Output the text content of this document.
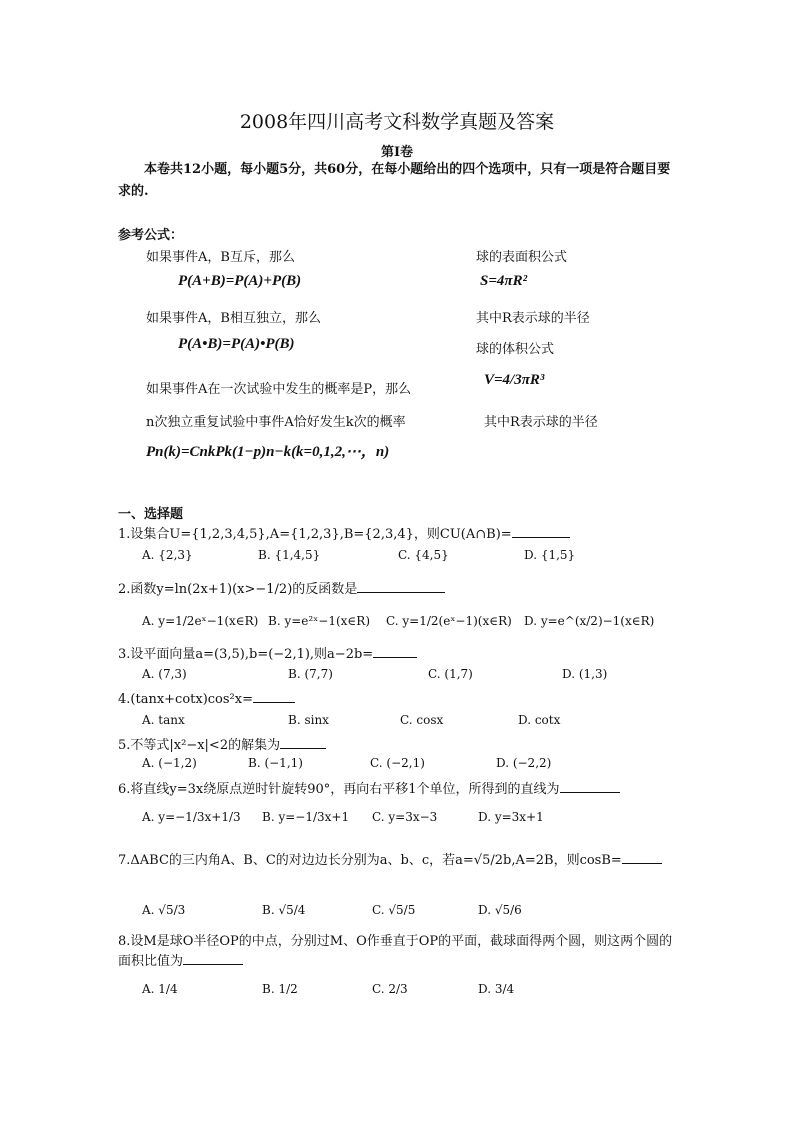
2008年四川高考文科数学真题及答案
第Ⅰ卷
本卷共12小题，每小题5分，共60分，在每小题给出的四个选项中，只有一项是符合题目要求的.
参考公式：
如果事件A，B互斥，那么
P(A+B)=P(A)+P(B)
如果事件A，B相互独立，那么
P(A•B)=P(A)•P(B)
如果事件A在一次试验中发生的概率是P，那么
n次独立重复试验中事件A恰好发生k次的概率
Pn(k)=CnkPk(1−p)n−k(k=0,1,2,⋯，n)
球的表面积公式
S=4πR²
其中R表示球的半径
球的体积公式
V=4/3πR³
其中R表示球的半径
一、选择题
1.设集合U={1,2,3,4,5},A={1,2,3},B={2,3,4}，则CU(A∩B)=
A. {2,3}	B. {1,4,5}	C. {4,5}	D. {1,5}
2.函数y=ln(2x+1)(x>−1/2)的反函数是
A. y=1/2eˣ−1(x∈R) B. y=e²ˣ−1(x∈R) C. y=1/2(eˣ−1)(x∈R) D. y=e^(x/2)−1(x∈R)
3.设平面向量a=(3,5),b=(−2,1),则a−2b=
A. (7,3)	B. (7,7)	C. (1,7)	D. (1,3)
4.(tanx+cotx)cos²x=
A. tanx	B. sinx	C. cosx	D. cotx
5.不等式|x²−x|<2的解集为
A. (−1,2)	B. (−1,1)	C. (−2,1)	D. (−2,2)
6.将直线y=3x绕原点逆时针旋转90°，再向右平移1个单位，所得到的直线为
A. y=−1/3x+1/3 B. y=−1/3x+1 C. y=3x−3	D. y=3x+1
7.ΔABC的三内角A、B、C的对边边长分别为a、b、c，若a=√5/2b,A=2B，则cosB=
A. √5/3	B. √5/4	C. √5/5	D. √5/6
8.设M是球O半径OP的中点，分别过M、O作垂直于OP的平面，截球面得两个圆，则这两个圆的面积比值为
A. 1/4	B. 1/2	C. 2/3	D. 3/4
